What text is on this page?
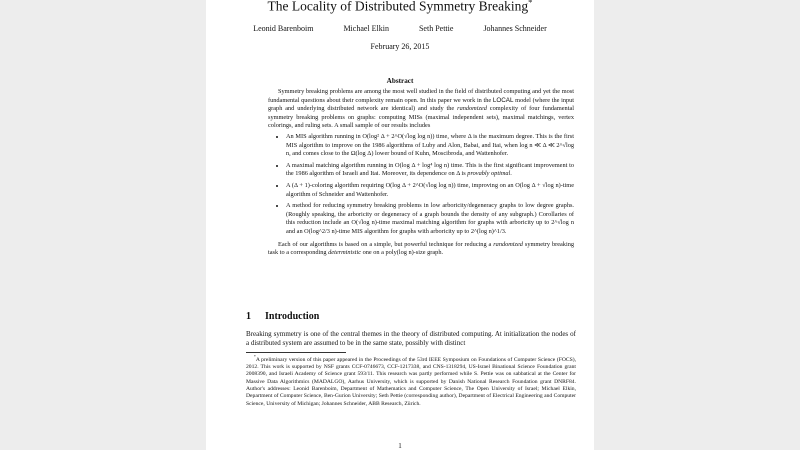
The Locality of Distributed Symmetry Breaking*
Leonid Barenboim	Michael Elkin	Seth Pettie	Johannes Schneider
February 26, 2015
Abstract

Symmetry breaking problems are among the most well studied in the field of distributed computing and yet the most fundamental questions about their complexity remain open. In this paper we work in the LOCAL model (where the input graph and underlying distributed network are identical) and study the randomized complexity of four fundamental symmetry breaking problems on graphs: computing MISs (maximal independent sets), maximal matchings, vertex colorings, and ruling sets. A small sample of our results includes

• An MIS algorithm running in O(log² Δ + 2^O(√log log n)) time, where Δ is the maximum degree. This is the first MIS algorithm to improve on the 1986 algorithms of Luby and Alon, Babai, and Itai, when log n ≪ Δ ≪ 2^√log n, and comes close to the Ω(log Δ) lower bound of Kuhn, Moscibroda, and Wattenhofer.
• A maximal matching algorithm running in O(log Δ + log⁴ log n) time. This is the first significant improvement to the 1986 algorithm of Israeli and Itai. Moreover, its dependence on Δ is provably optimal.
• A (Δ + 1)-coloring algorithm requiring O(log Δ + 2^O(√log log n)) time, improving on an O(log Δ + √log n)-time algorithm of Schneider and Wattenhofer.
• A method for reducing symmetry breaking problems in low arboricity/degeneracy graphs to low degree graphs. (Roughly speaking, the arboricity or degeneracy of a graph bounds the density of any subgraph.) Corollaries of this reduction include an O(√log n)-time maximal matching algorithm for graphs with arboricity up to 2^√log n and an O(log^2/3 n)-time MIS algorithm for graphs with arboricity up to 2^(log n)^1/3.

Each of our algorithms is based on a simple, but powerful technique for reducing a randomized symmetry breaking task to a corresponding deterministic one on a poly(log n)-size graph.

1 Introduction
Breaking symmetry is one of the central themes in the theory of distributed computing. At initialization the nodes of a distributed system are assumed to be in the same state, possibly with distinct

*A preliminary version of this paper appeared in the Proceedings of the 53rd IEEE Symposium on Foundations of Computer Science (FOCS), 2012. This work is supported by NSF grants CCF-0746673, CCF-1217338, and CNS-1318294, US-Israel Binational Science Foundation grant 2008390, and Israeli Academy of Science grant 593/11. This research was partly performed while S. Pettie was on sabbatical at the Center for Massive Data Algorithmics (MADALGO), Aarhus University, which is supported by Danish National Research Foundation grant DNRF84. Author's addresses: Leonid Barenboim, Department of Mathematics and Computer Science, The Open University of Israel; Michael Elkin, Department of Computer Science, Ben-Gurion University; Seth Pettie (corresponding author), Department of Electrical Engineering and Computer Science, University of Michigan; Johannes Schneider, ABB Research, Zürich.

1
